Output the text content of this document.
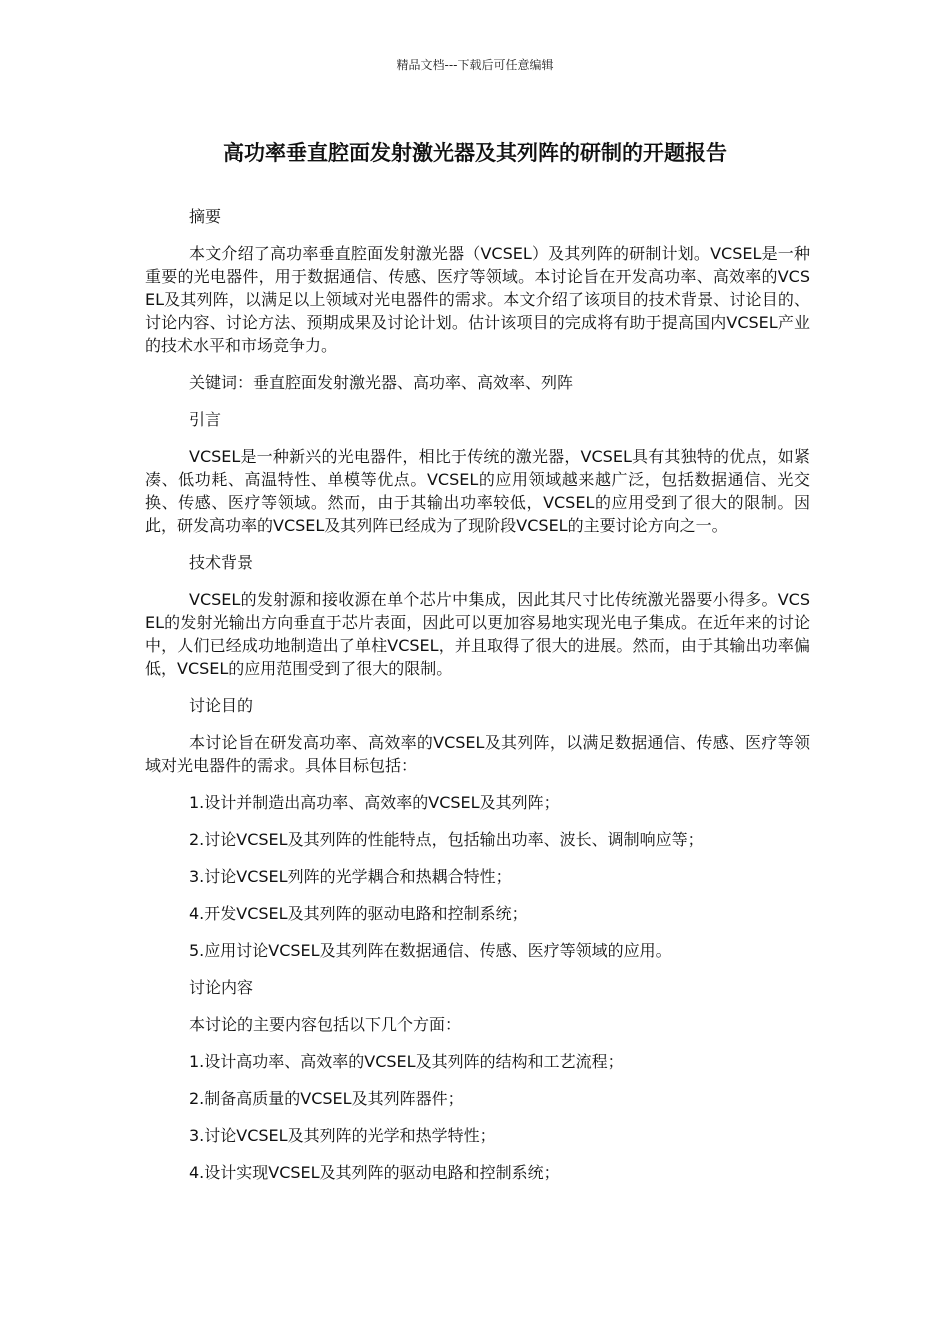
精品文档---下载后可任意编辑
高功率垂直腔面发射激光器及其列阵的研制的开题报告

摘要

本文介绍了高功率垂直腔面发射激光器（VCSEL）及其列阵的研制计划。VCSEL是一种重要的光电器件，用于数据通信、传感、医疗等领域。本讨论旨在开发高功率、高效率的VCSEL及其列阵，以满足以上领域对光电器件的需求。本文介绍了该项目的技术背景、讨论目的、讨论内容、讨论方法、预期成果及讨论计划。估计该项目的完成将有助于提高国内VCSEL产业的技术水平和市场竞争力。

关键词：垂直腔面发射激光器、高功率、高效率、列阵

引言

VCSEL是一种新兴的光电器件，相比于传统的激光器，VCSEL具有其独特的优点，如紧凑、低功耗、高温特性、单模等优点。VCSEL的应用领域越来越广泛，包括数据通信、光交换、传感、医疗等领域。然而，由于其输出功率较低，VCSEL的应用受到了很大的限制。因此，研发高功率的VCSEL及其列阵已经成为了现阶段VCSEL的主要讨论方向之一。

技术背景

VCSEL的发射源和接收源在单个芯片中集成，因此其尺寸比传统激光器要小得多。VCSEL的发射光输出方向垂直于芯片表面，因此可以更加容易地实现光电子集成。在近年来的讨论中，人们已经成功地制造出了单柱VCSEL，并且取得了很大的进展。然而，由于其输出功率偏低，VCSEL的应用范围受到了很大的限制。

讨论目的

本讨论旨在研发高功率、高效率的VCSEL及其列阵，以满足数据通信、传感、医疗等领域对光电器件的需求。具体目标包括：

1.设计并制造出高功率、高效率的VCSEL及其列阵；

2.讨论VCSEL及其列阵的性能特点，包括输出功率、波长、调制响应等；

3.讨论VCSEL列阵的光学耦合和热耦合特性；

4.开发VCSEL及其列阵的驱动电路和控制系统；

5.应用讨论VCSEL及其列阵在数据通信、传感、医疗等领域的应用。

讨论内容

本讨论的主要内容包括以下几个方面：

1.设计高功率、高效率的VCSEL及其列阵的结构和工艺流程；

2.制备高质量的VCSEL及其列阵器件；

3.讨论VCSEL及其列阵的光学和热学特性；

4.设计实现VCSEL及其列阵的驱动电路和控制系统；
